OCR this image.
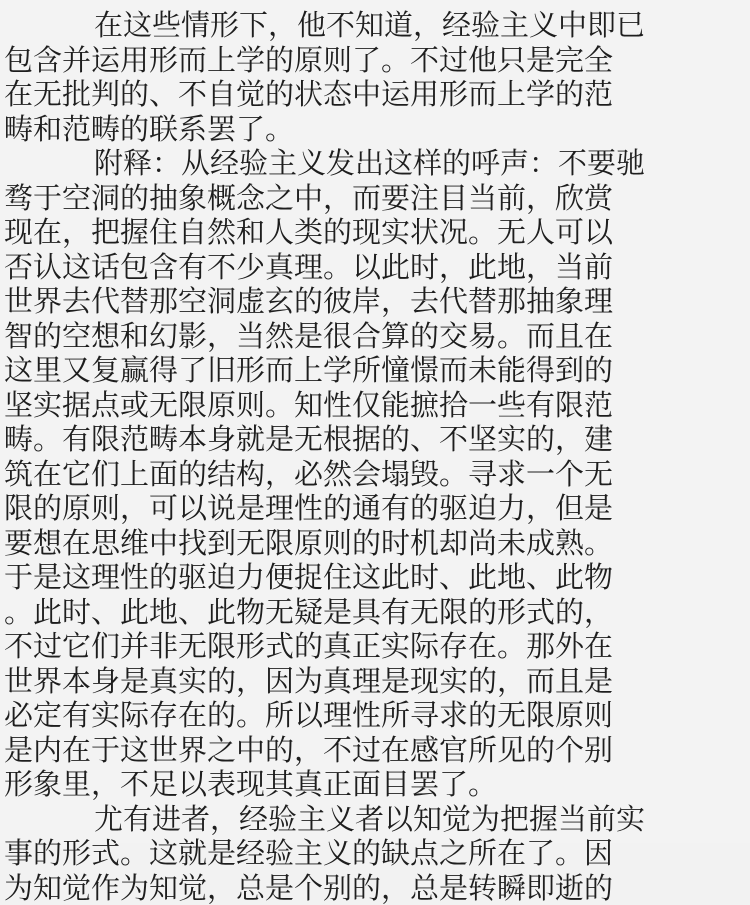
在这些情形下，他不知道，经验主义中即已
包含并运用形而上学的原则了。不过他只是完全
在无批判的、不自觉的状态中运用形而上学的范
畴和范畴的联系罢了。
附释：从经验主义发出这样的呼声：不要驰
骛于空洞的抽象概念之中，而要注目当前，欣赏
现在，把握住自然和人类的现实状况。无人可以
否认这话包含有不少真理。以此时，此地，当前
世界去代替那空洞虚玄的彼岸，去代替那抽象理
智的空想和幻影，当然是很合算的交易。而且在
这里又复赢得了旧形而上学所憧憬而未能得到的
坚实据点或无限原则。知性仅能摭拾一些有限范
畴。有限范畴本身就是无根据的、不坚实的，建
筑在它们上面的结构，必然会塌毁。寻求一个无
限的原则，可以说是理性的通有的驱迫力，但是
要想在思维中找到无限原则的时机却尚未成熟。
于是这理性的驱迫力便捉住这此时、此地、此物
。此时、此地、此物无疑是具有无限的形式的，
不过它们并非无限形式的真正实际存在。那外在
世界本身是真实的，因为真理是现实的，而且是
必定有实际存在的。所以理性所寻求的无限原则
是内在于这世界之中的，不过在感官所见的个别
形象里，不足以表现其真正面目罢了。
尤有进者，经验主义者以知觉为把握当前实
事的形式。这就是经验主义的缺点之所在了。因
为知觉作为知觉，总是个别的，总是转瞬即逝的
